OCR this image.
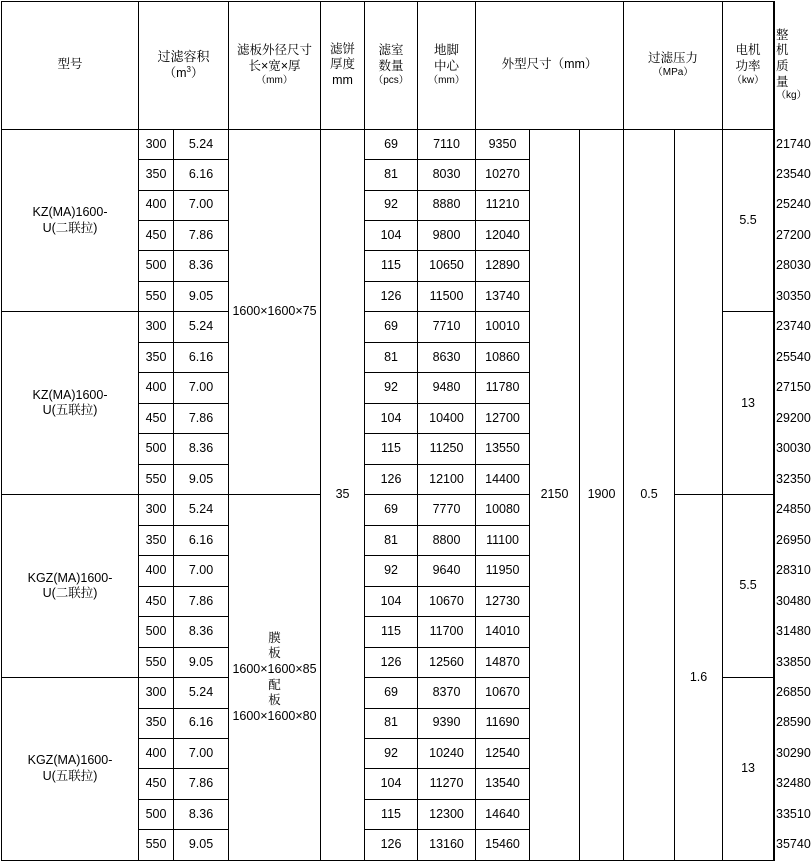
型号	过滤容积
$(m^3)$		滤板外径尺寸
长×宽×厚
（mm）	滤饼
厚度
mm	滤室
数量
（pcs）	地脚
中心
（mm）	外型尺寸（mm）			过滤压力
（MPa）		电机
功率
（kw）	整机
质量
（kg）

KZ(MA)1600-
U(二联拉)	300	5.24	1600×1600×75	35	69	7110	9350	2150	1900	0.5		5.5	21740
	350	6.16			81	8030	10270						23540
	400	7.00			92	8880	11210						25240
	450	7.86			104	9800	12040						27200
	500	8.36			115	10650	12890						28030
	550	9.05			126	11500	13740						30350

KZ(MA)1600-
U(五联拉)	300	5.24			69	7710	10010					13	23740
	350	6.16			81	8630	10860						25540
	400	7.00			92	9480	11780						27150
	450	7.86			104	10400	12700						29200
	500	8.36			115	11250	13550						30030
	550	9.05			126	12100	14400						32350

KGZ(MA)1600-
U(二联拉)	300	5.24	膜
板1600×1600×85
配
板1600×1600×80		69	7770	10080				1.6	5.5	24850
	350	6.16			81	8800	11100						26950
	400	7.00			92	9640	11950						28310
	450	7.86			104	10670	12730						30480
	500	8.36			115	11700	14010						31480
	550	9.05			126	12560	14870						33850

KGZ(MA)1600-
U(五联拉)	300	5.24			69	8370	10670					13	26850
	350	6.16			81	9390	11690						28590
	400	7.00			92	10240	12540						30290
	450	7.86			104	11270	13540						32480
	500	8.36			115	12300	14640						33510
	550	9.05			126	13160	15460						35740
